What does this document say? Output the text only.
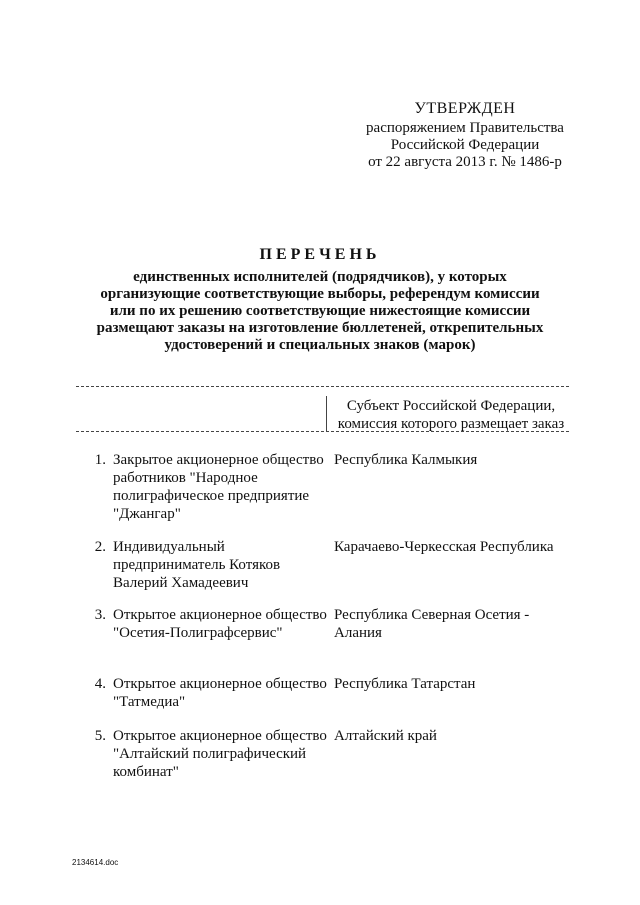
УТВЕРЖДЕН
распоряжением Правительства
Российской Федерации
от 22 августа 2013 г. № 1486-р
ПЕРЕЧЕНЬ
единственных исполнителей (подрядчиков), у которых
организующие соответствующие выборы, референдум комиссии
или по их решению соответствующие нижестоящие комиссии
размещают заказы на изготовление бюллетеней, открепительных
удостоверений и специальных знаков (марок)
Субъект Российской Федерации, комиссия которого размещает заказ
1. Закрытое акционерное общество работников "Народное полиграфическое предприятие "Джангар"
Республика Калмыкия
2. Индивидуальный предприниматель Котяков Валерий Хамадеевич
Карачаево-Черкесская Республика
3. Открытое акционерное общество "Осетия-Полиграфсервис"
Республика Северная Осетия - Алания
4. Открытое акционерное общество "Татмедиа"
Республика Татарстан
5. Открытое акционерное общество "Алтайский полиграфический комбинат"
Алтайский край
2134614.doc
